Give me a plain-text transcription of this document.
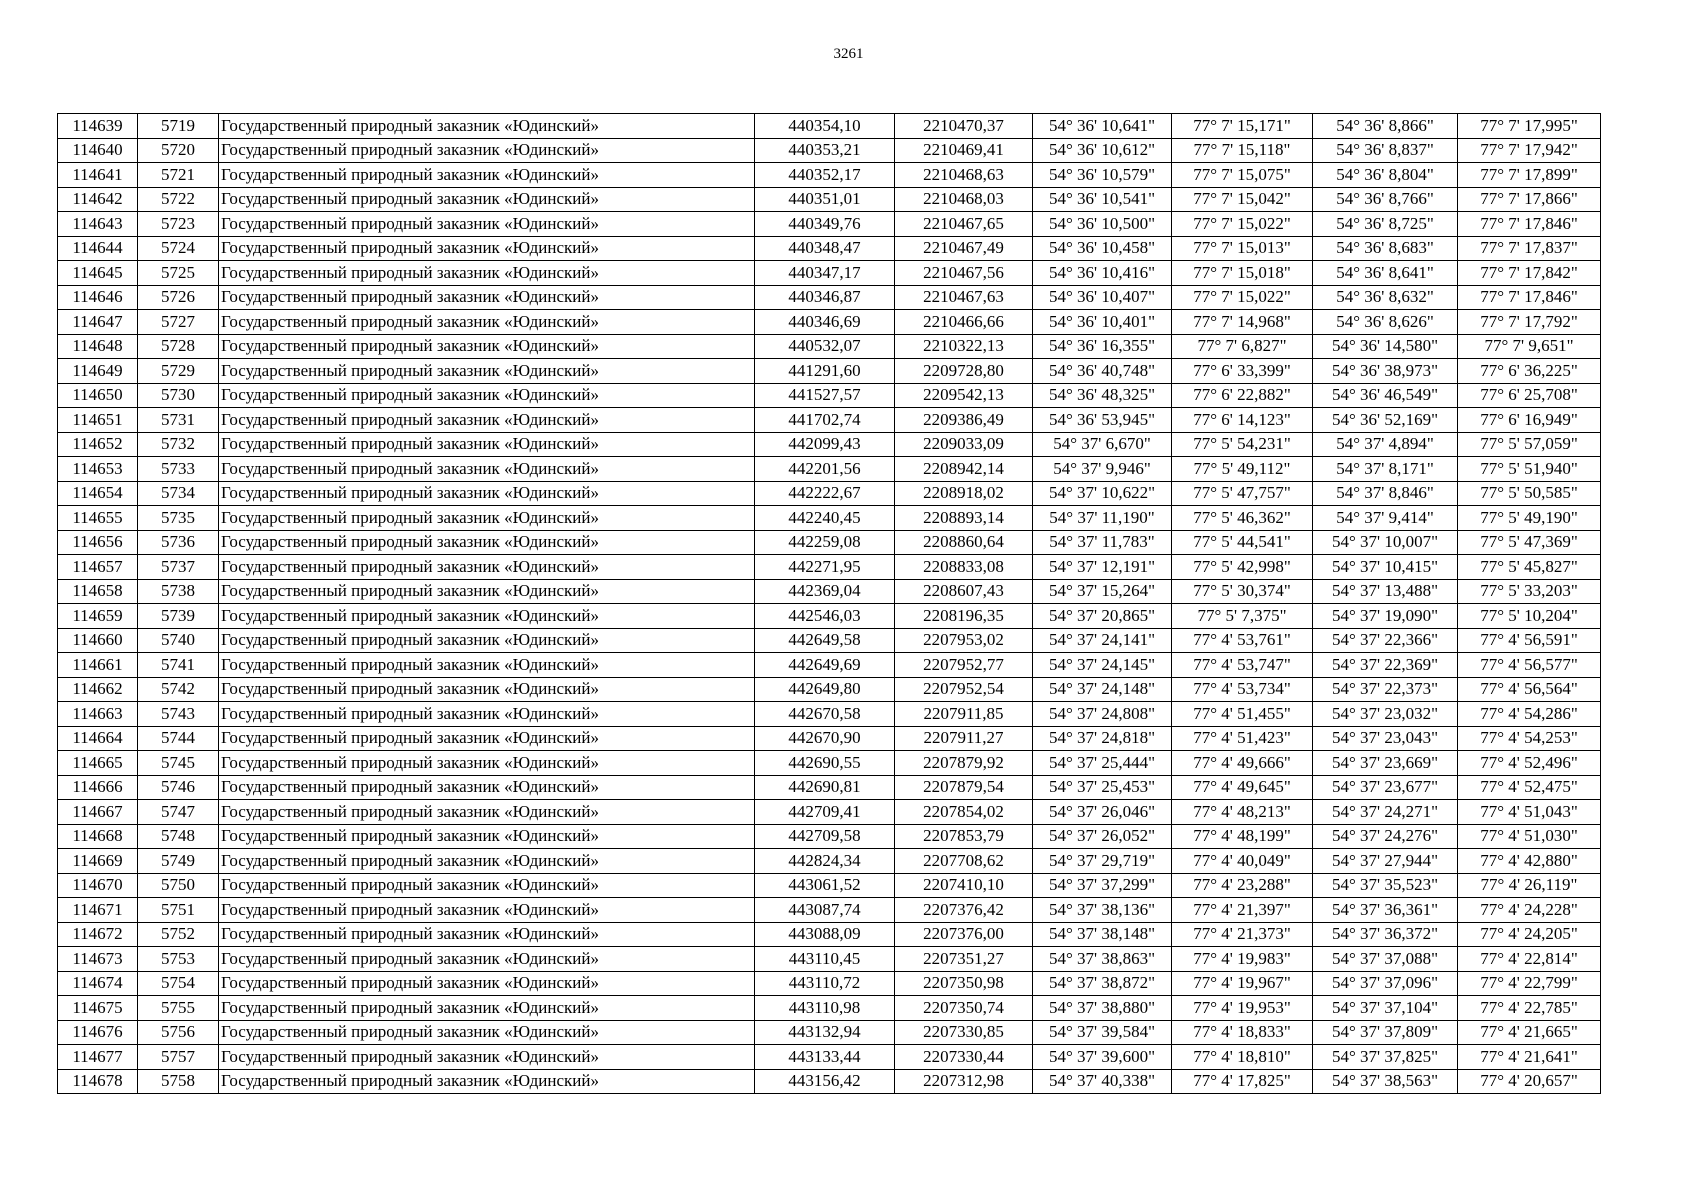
3261
114639	5719	Государственный природный заказник «Юдинский»	440354,10	2210470,37	54° 36' 10,641"	77° 7' 15,171"	54° 36' 8,866"	77° 7' 17,995"
114640	5720	Государственный природный заказник «Юдинский»	440353,21	2210469,41	54° 36' 10,612"	77° 7' 15,118"	54° 36' 8,837"	77° 7' 17,942"
114641	5721	Государственный природный заказник «Юдинский»	440352,17	2210468,63	54° 36' 10,579"	77° 7' 15,075"	54° 36' 8,804"	77° 7' 17,899"
114642	5722	Государственный природный заказник «Юдинский»	440351,01	2210468,03	54° 36' 10,541"	77° 7' 15,042"	54° 36' 8,766"	77° 7' 17,866"
114643	5723	Государственный природный заказник «Юдинский»	440349,76	2210467,65	54° 36' 10,500"	77° 7' 15,022"	54° 36' 8,725"	77° 7' 17,846"
114644	5724	Государственный природный заказник «Юдинский»	440348,47	2210467,49	54° 36' 10,458"	77° 7' 15,013"	54° 36' 8,683"	77° 7' 17,837"
114645	5725	Государственный природный заказник «Юдинский»	440347,17	2210467,56	54° 36' 10,416"	77° 7' 15,018"	54° 36' 8,641"	77° 7' 17,842"
114646	5726	Государственный природный заказник «Юдинский»	440346,87	2210467,63	54° 36' 10,407"	77° 7' 15,022"	54° 36' 8,632"	77° 7' 17,846"
114647	5727	Государственный природный заказник «Юдинский»	440346,69	2210466,66	54° 36' 10,401"	77° 7' 14,968"	54° 36' 8,626"	77° 7' 17,792"
114648	5728	Государственный природный заказник «Юдинский»	440532,07	2210322,13	54° 36' 16,355"	77° 7' 6,827"	54° 36' 14,580"	77° 7' 9,651"
114649	5729	Государственный природный заказник «Юдинский»	441291,60	2209728,80	54° 36' 40,748"	77° 6' 33,399"	54° 36' 38,973"	77° 6' 36,225"
114650	5730	Государственный природный заказник «Юдинский»	441527,57	2209542,13	54° 36' 48,325"	77° 6' 22,882"	54° 36' 46,549"	77° 6' 25,708"
114651	5731	Государственный природный заказник «Юдинский»	441702,74	2209386,49	54° 36' 53,945"	77° 6' 14,123"	54° 36' 52,169"	77° 6' 16,949"
114652	5732	Государственный природный заказник «Юдинский»	442099,43	2209033,09	54° 37' 6,670"	77° 5' 54,231"	54° 37' 4,894"	77° 5' 57,059"
114653	5733	Государственный природный заказник «Юдинский»	442201,56	2208942,14	54° 37' 9,946"	77° 5' 49,112"	54° 37' 8,171"	77° 5' 51,940"
114654	5734	Государственный природный заказник «Юдинский»	442222,67	2208918,02	54° 37' 10,622"	77° 5' 47,757"	54° 37' 8,846"	77° 5' 50,585"
114655	5735	Государственный природный заказник «Юдинский»	442240,45	2208893,14	54° 37' 11,190"	77° 5' 46,362"	54° 37' 9,414"	77° 5' 49,190"
114656	5736	Государственный природный заказник «Юдинский»	442259,08	2208860,64	54° 37' 11,783"	77° 5' 44,541"	54° 37' 10,007"	77° 5' 47,369"
114657	5737	Государственный природный заказник «Юдинский»	442271,95	2208833,08	54° 37' 12,191"	77° 5' 42,998"	54° 37' 10,415"	77° 5' 45,827"
114658	5738	Государственный природный заказник «Юдинский»	442369,04	2208607,43	54° 37' 15,264"	77° 5' 30,374"	54° 37' 13,488"	77° 5' 33,203"
114659	5739	Государственный природный заказник «Юдинский»	442546,03	2208196,35	54° 37' 20,865"	77° 5' 7,375"	54° 37' 19,090"	77° 5' 10,204"
114660	5740	Государственный природный заказник «Юдинский»	442649,58	2207953,02	54° 37' 24,141"	77° 4' 53,761"	54° 37' 22,366"	77° 4' 56,591"
114661	5741	Государственный природный заказник «Юдинский»	442649,69	2207952,77	54° 37' 24,145"	77° 4' 53,747"	54° 37' 22,369"	77° 4' 56,577"
114662	5742	Государственный природный заказник «Юдинский»	442649,80	2207952,54	54° 37' 24,148"	77° 4' 53,734"	54° 37' 22,373"	77° 4' 56,564"
114663	5743	Государственный природный заказник «Юдинский»	442670,58	2207911,85	54° 37' 24,808"	77° 4' 51,455"	54° 37' 23,032"	77° 4' 54,286"
114664	5744	Государственный природный заказник «Юдинский»	442670,90	2207911,27	54° 37' 24,818"	77° 4' 51,423"	54° 37' 23,043"	77° 4' 54,253"
114665	5745	Государственный природный заказник «Юдинский»	442690,55	2207879,92	54° 37' 25,444"	77° 4' 49,666"	54° 37' 23,669"	77° 4' 52,496"
114666	5746	Государственный природный заказник «Юдинский»	442690,81	2207879,54	54° 37' 25,453"	77° 4' 49,645"	54° 37' 23,677"	77° 4' 52,475"
114667	5747	Государственный природный заказник «Юдинский»	442709,41	2207854,02	54° 37' 26,046"	77° 4' 48,213"	54° 37' 24,271"	77° 4' 51,043"
114668	5748	Государственный природный заказник «Юдинский»	442709,58	2207853,79	54° 37' 26,052"	77° 4' 48,199"	54° 37' 24,276"	77° 4' 51,030"
114669	5749	Государственный природный заказник «Юдинский»	442824,34	2207708,62	54° 37' 29,719"	77° 4' 40,049"	54° 37' 27,944"	77° 4' 42,880"
114670	5750	Государственный природный заказник «Юдинский»	443061,52	2207410,10	54° 37' 37,299"	77° 4' 23,288"	54° 37' 35,523"	77° 4' 26,119"
114671	5751	Государственный природный заказник «Юдинский»	443087,74	2207376,42	54° 37' 38,136"	77° 4' 21,397"	54° 37' 36,361"	77° 4' 24,228"
114672	5752	Государственный природный заказник «Юдинский»	443088,09	2207376,00	54° 37' 38,148"	77° 4' 21,373"	54° 37' 36,372"	77° 4' 24,205"
114673	5753	Государственный природный заказник «Юдинский»	443110,45	2207351,27	54° 37' 38,863"	77° 4' 19,983"	54° 37' 37,088"	77° 4' 22,814"
114674	5754	Государственный природный заказник «Юдинский»	443110,72	2207350,98	54° 37' 38,872"	77° 4' 19,967"	54° 37' 37,096"	77° 4' 22,799"
114675	5755	Государственный природный заказник «Юдинский»	443110,98	2207350,74	54° 37' 38,880"	77° 4' 19,953"	54° 37' 37,104"	77° 4' 22,785"
114676	5756	Государственный природный заказник «Юдинский»	443132,94	2207330,85	54° 37' 39,584"	77° 4' 18,833"	54° 37' 37,809"	77° 4' 21,665"
114677	5757	Государственный природный заказник «Юдинский»	443133,44	2207330,44	54° 37' 39,600"	77° 4' 18,810"	54° 37' 37,825"	77° 4' 21,641"
114678	5758	Государственный природный заказник «Юдинский»	443156,42	2207312,98	54° 37' 40,338"	77° 4' 17,825"	54° 37' 38,563"	77° 4' 20,657"
